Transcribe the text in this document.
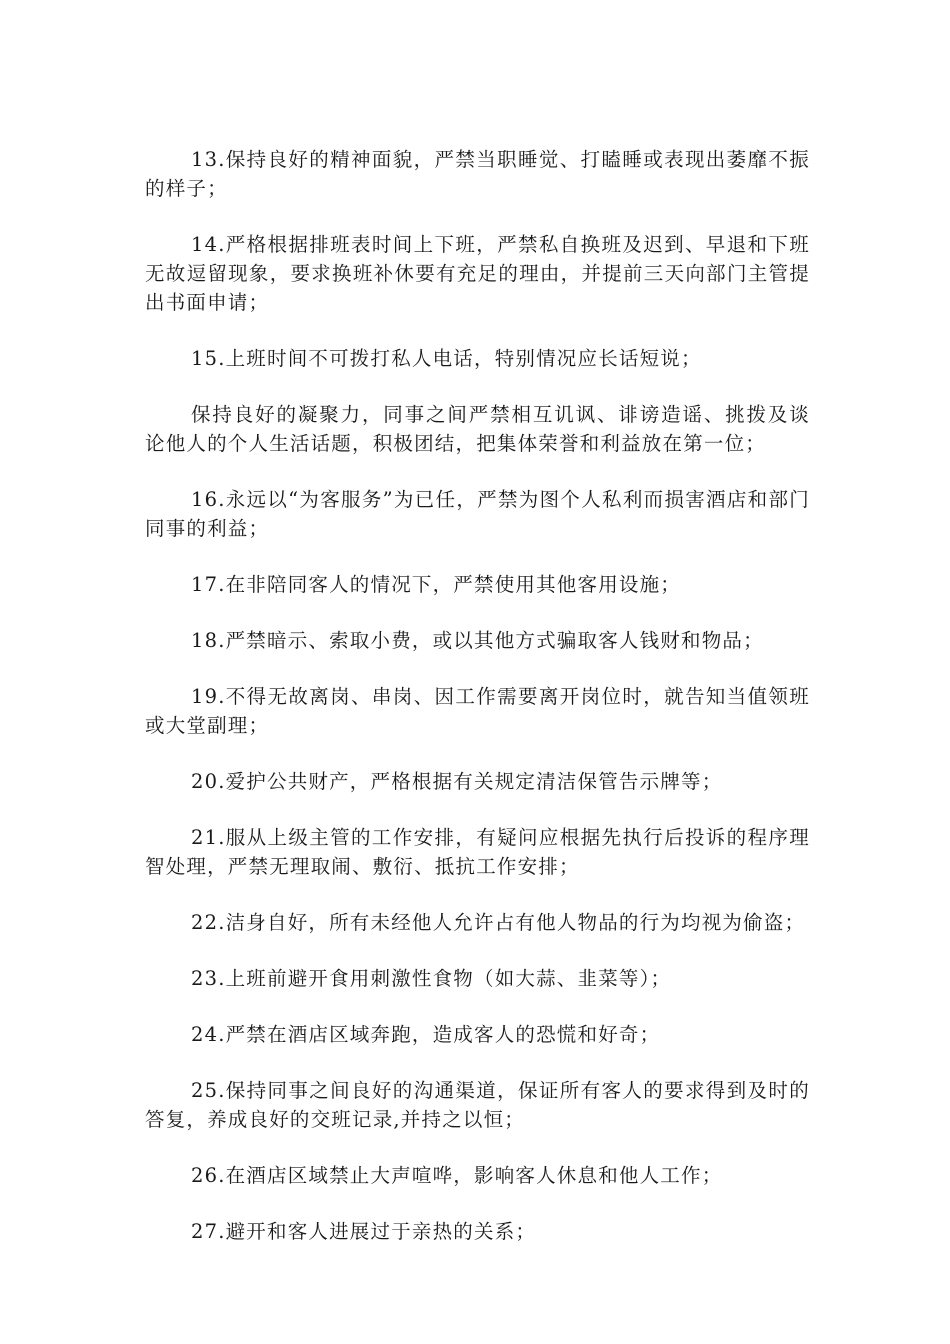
13.保持良好的精神面貌，严禁当职睡觉、打瞌睡或表现出萎靡不振的样子；

14.严格根据排班表时间上下班，严禁私自换班及迟到、早退和下班无故逗留现象，要求换班补休要有充足的理由，并提前三天向部门主管提出书面申请；

15.上班时间不可拨打私人电话，特别情况应长话短说；

保持良好的凝聚力，同事之间严禁相互讥讽、诽谤造谣、挑拨及谈论他人的个人生活话题，积极团结，把集体荣誉和利益放在第一位；

16.永远以“为客服务”为已任，严禁为图个人私利而损害酒店和部门同事的利益；

17.在非陪同客人的情况下，严禁使用其他客用设施；

18.严禁暗示、索取小费，或以其他方式骗取客人钱财和物品；

19.不得无故离岗、串岗、因工作需要离开岗位时，就告知当值领班或大堂副理；

20.爱护公共财产，严格根据有关规定清洁保管告示牌等；

21.服从上级主管的工作安排，有疑问应根据先执行后投诉的程序理智处理，严禁无理取闹、敷衍、抵抗工作安排；

22.洁身自好，所有未经他人允许占有他人物品的行为均视为偷盗；

23.上班前避开食用刺激性食物（如大蒜、韭菜等）；

24.严禁在酒店区域奔跑，造成客人的恐慌和好奇；

25.保持同事之间良好的沟通渠道，保证所有客人的要求得到及时的答复，养成良好的交班记录,并持之以恒；

26.在酒店区域禁止大声喧哗，影响客人休息和他人工作；

27.避开和客人进展过于亲热的关系；
